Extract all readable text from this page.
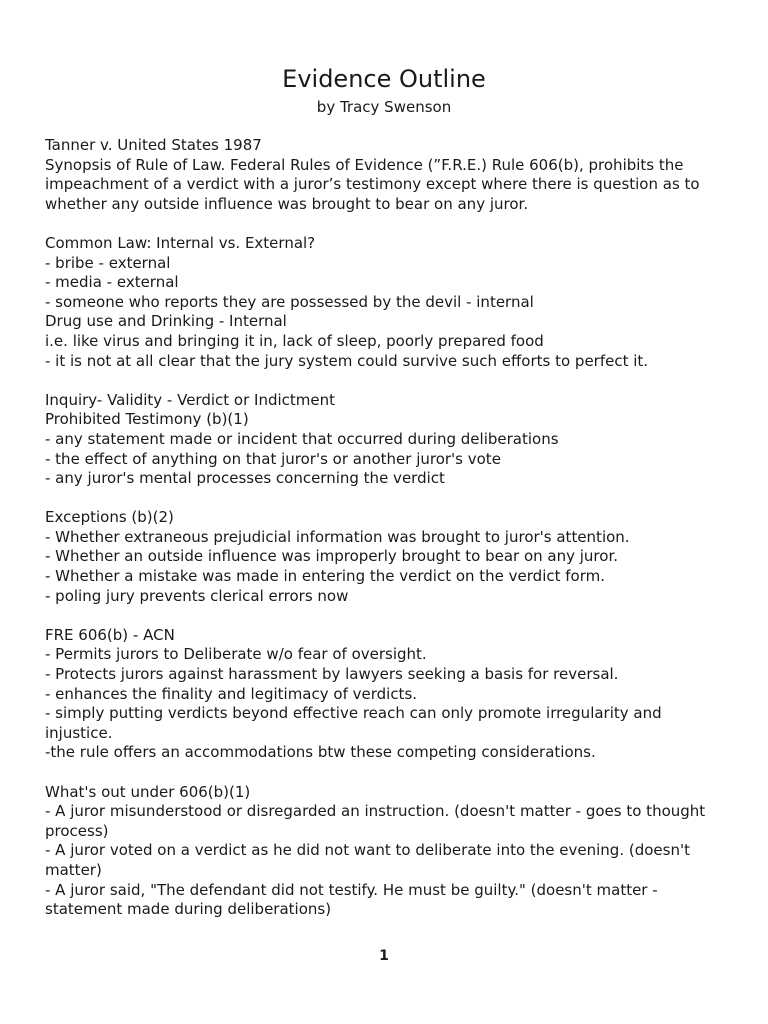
Evidence Outline
by Tracy Swenson
Tanner v. United States 1987
Synopsis of Rule of Law. Federal Rules of Evidence (”F.R.E.) Rule 606(b), prohibits the impeachment of a verdict with a juror’s testimony except where there is question as to whether any outside influence was brought to bear on any juror.
Common Law: Internal vs. External?
- bribe - external
- media - external
- someone who reports they are possessed by the devil - internal
Drug use and Drinking - Internal
i.e. like virus and bringing it in, lack of sleep, poorly prepared food
- it is not at all clear that the jury system could survive such efforts to perfect it.
Inquiry- Validity - Verdict or Indictment
Prohibited Testimony (b)(1)
- any statement made or incident that occurred during deliberations
- the effect of anything on that juror's or another juror's vote
- any juror's mental processes concerning the verdict
Exceptions (b)(2)
- Whether extraneous prejudicial information was brought to juror's attention.
- Whether an outside influence was improperly brought to bear on any juror.
- Whether a mistake was made in entering the verdict on the verdict form.
- poling jury prevents clerical errors now
FRE 606(b) - ACN
- Permits jurors to Deliberate w/o fear of oversight.
- Protects jurors against harassment by lawyers seeking a basis for reversal.
- enhances the finality and legitimacy of verdicts.
- simply putting verdicts beyond effective reach can only promote irregularity and injustice.
-the rule offers an accommodations btw these competing considerations.
What's out under 606(b)(1)
- A juror misunderstood or disregarded an instruction. (doesn't matter - goes to thought process)
- A juror voted on a verdict as he did not want to deliberate into the evening. (doesn't matter)
- A juror said, "The defendant did not testify. He must be guilty." (doesn't matter - statement made during deliberations)
1
